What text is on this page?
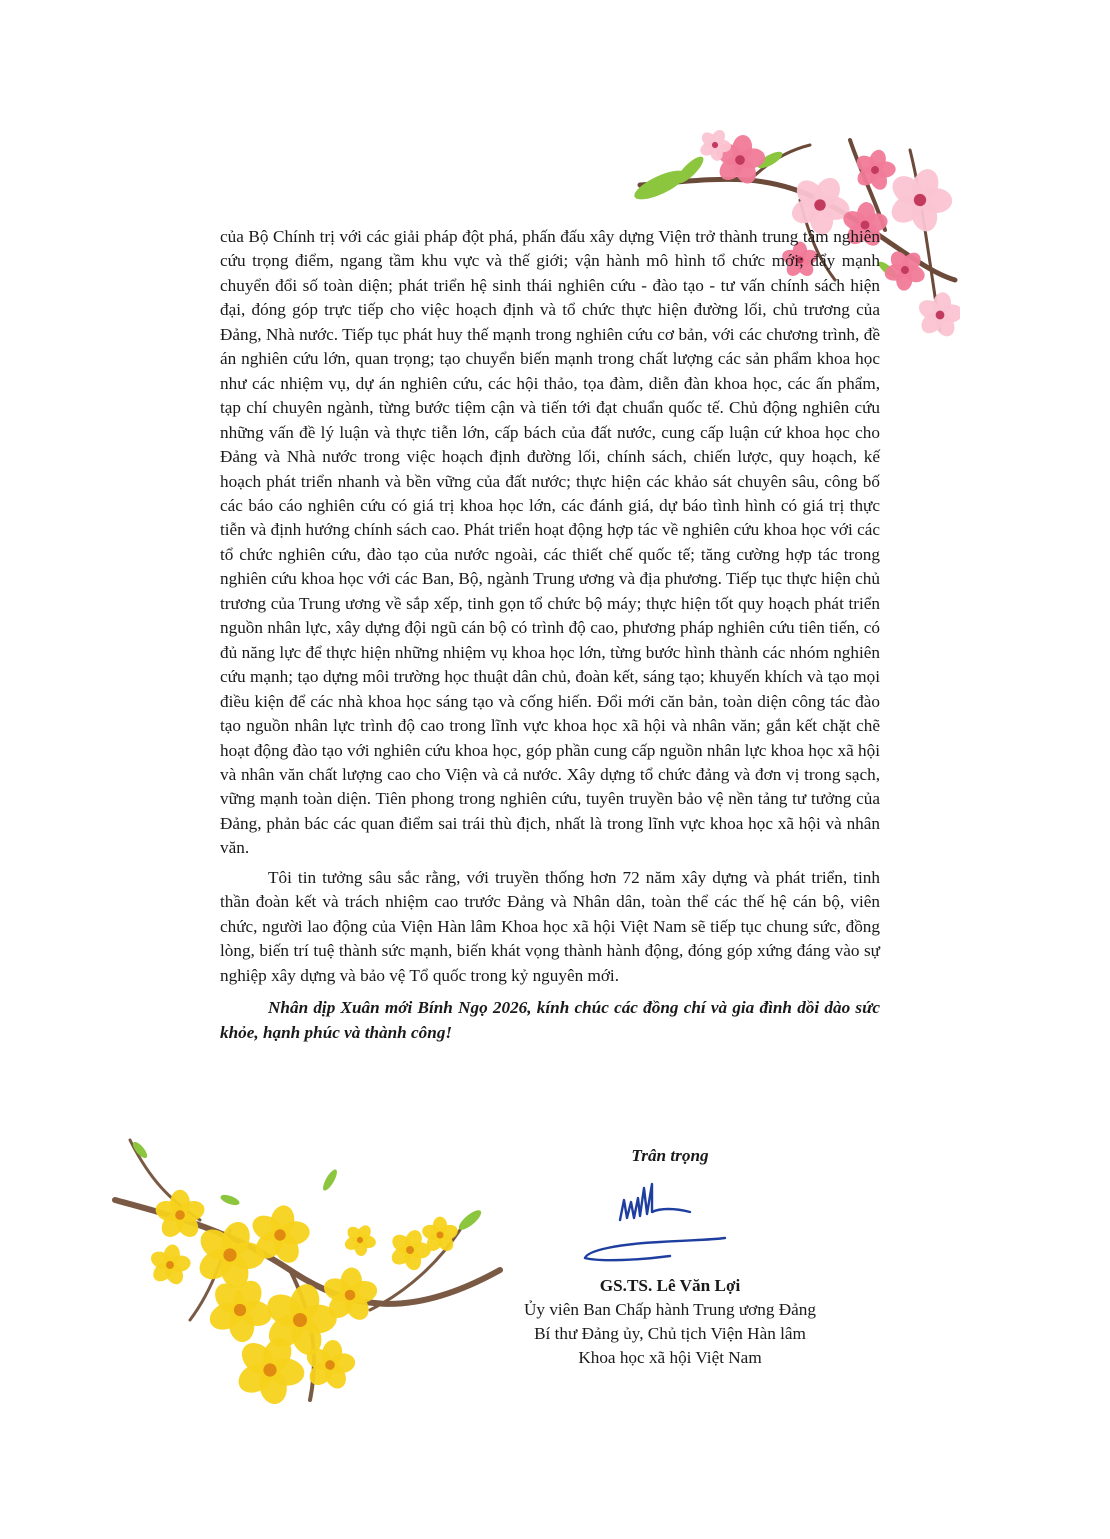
của Bộ Chính trị với các giải pháp đột phá, phấn đấu xây dựng Viện trở thành trung tâm nghiên cứu trọng điểm, ngang tầm khu vực và thế giới; vận hành mô hình tổ chức mới; đẩy mạnh chuyển đổi số toàn diện; phát triển hệ sinh thái nghiên cứu - đào tạo - tư vấn chính sách hiện đại, đóng góp trực tiếp cho việc hoạch định và tổ chức thực hiện đường lối, chủ trương của Đảng, Nhà nước. Tiếp tục phát huy thế mạnh trong nghiên cứu cơ bản, với các chương trình, đề án nghiên cứu lớn, quan trọng; tạo chuyển biến mạnh trong chất lượng các sản phẩm khoa học như các nhiệm vụ, dự án nghiên cứu, các hội thảo, tọa đàm, diễn đàn khoa học, các ấn phẩm, tạp chí chuyên ngành, từng bước tiệm cận và tiến tới đạt chuẩn quốc tế. Chủ động nghiên cứu những vấn đề lý luận và thực tiễn lớn, cấp bách của đất nước, cung cấp luận cứ khoa học cho Đảng và Nhà nước trong việc hoạch định đường lối, chính sách, chiến lược, quy hoạch, kế hoạch phát triển nhanh và bền vững của đất nước; thực hiện các khảo sát chuyên sâu, công bố các báo cáo nghiên cứu có giá trị khoa học lớn, các đánh giá, dự báo tình hình có giá trị thực tiễn và định hướng chính sách cao. Phát triển hoạt động hợp tác về nghiên cứu khoa học với các tổ chức nghiên cứu, đào tạo của nước ngoài, các thiết chế quốc tế; tăng cường hợp tác trong nghiên cứu khoa học với các Ban, Bộ, ngành Trung ương và địa phương. Tiếp tục thực hiện chủ trương của Trung ương về sắp xếp, tinh gọn tổ chức bộ máy; thực hiện tốt quy hoạch phát triển nguồn nhân lực, xây dựng đội ngũ cán bộ có trình độ cao, phương pháp nghiên cứu tiên tiến, có đủ năng lực để thực hiện những nhiệm vụ khoa học lớn, từng bước hình thành các nhóm nghiên cứu mạnh; tạo dựng môi trường học thuật dân chủ, đoàn kết, sáng tạo; khuyến khích và tạo mọi điều kiện để các nhà khoa học sáng tạo và cống hiến. Đổi mới căn bản, toàn diện công tác đào tạo nguồn nhân lực trình độ cao trong lĩnh vực khoa học xã hội và nhân văn; gắn kết chặt chẽ hoạt động đào tạo với nghiên cứu khoa học, góp phần cung cấp nguồn nhân lực khoa học xã hội và nhân văn chất lượng cao cho Viện và cả nước. Xây dựng tổ chức đảng và đơn vị trong sạch, vững mạnh toàn diện. Tiên phong trong nghiên cứu, tuyên truyền bảo vệ nền tảng tư tưởng của Đảng, phản bác các quan điểm sai trái thù địch, nhất là trong lĩnh vực khoa học xã hội và nhân văn.

Tôi tin tưởng sâu sắc rằng, với truyền thống hơn 72 năm xây dựng và phát triển, tinh thần đoàn kết và trách nhiệm cao trước Đảng và Nhân dân, toàn thể các thế hệ cán bộ, viên chức, người lao động của Viện Hàn lâm Khoa học xã hội Việt Nam sẽ tiếp tục chung sức, đồng lòng, biến trí tuệ thành sức mạnh, biến khát vọng thành hành động, đóng góp xứng đáng vào sự nghiệp xây dựng và bảo vệ Tổ quốc trong kỷ nguyên mới.

Nhân dịp Xuân mới Bính Ngọ 2026, kính chúc các đồng chí và gia đình dồi dào sức khỏe, hạnh phúc và thành công!

Trân trọng
GS.TS. Lê Văn Lợi
Ủy viên Ban Chấp hành Trung ương Đảng
Bí thư Đảng ủy, Chủ tịch Viện Hàn lâm
Khoa học xã hội Việt Nam
